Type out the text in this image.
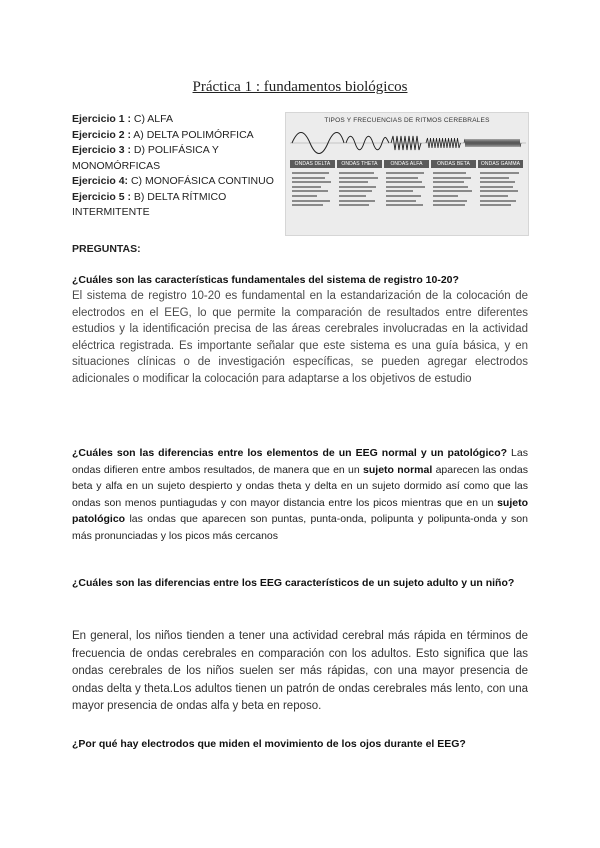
Práctica 1 : fundamentos biológicos
Ejercicio 1 : C) ALFA
Ejercicio 2 : A) DELTA POLIMÓRFICA
Ejercicio 3 : D) POLIFÁSICA Y MONOMÓRFICAS
Ejercicio 4: C) MONOFÁSICA CONTINUO
Ejercicio 5 : B) DELTA RÍTMICO INTERMITENTE
TIPOS Y FRECUENCIAS DE RITMOS CEREBRALES
ONDAS DELTA	ONDAS THETA	ONDAS ALFA	ONDAS BETA	ONDAS GAMMA
PREGUNTAS:
¿Cuáles son las características fundamentales del sistema de registro 10-20?
El sistema de registro 10-20 es fundamental en la estandarización de la colocación de electrodos en el EEG, lo que permite la comparación de resultados entre diferentes estudios y la identificación precisa de las áreas cerebrales involucradas en la actividad eléctrica registrada. Es importante señalar que este sistema es una guía básica, y en situaciones clínicas o de investigación específicas, se pueden agregar electrodos adicionales o modificar la colocación para adaptarse a los objetivos de estudio
¿Cuáles son las diferencias entre los elementos de un EEG normal y un patológico? Las ondas difieren entre ambos resultados, de manera que en un sujeto normal aparecen las ondas beta y alfa en un sujeto despierto y ondas theta y delta en un sujeto dormido así como que las ondas son menos puntiagudas y con mayor distancia entre los picos mientras que en un sujeto patológico las ondas que aparecen son puntas, punta-onda, polipunta y polipunta-onda y son más pronunciadas y los picos más cercanos
¿Cuáles son las diferencias entre los EEG característicos de un sujeto adulto y un niño?
En general, los niños tienden a tener una actividad cerebral más rápida en términos de frecuencia de ondas cerebrales en comparación con los adultos. Esto significa que las ondas cerebrales de los niños suelen ser más rápidas, con una mayor presencia de ondas delta y theta.Los adultos tienen un patrón de ondas cerebrales más lento, con una mayor presencia de ondas alfa y beta en reposo.
¿Por qué hay electrodos que miden el movimiento de los ojos durante el EEG?
